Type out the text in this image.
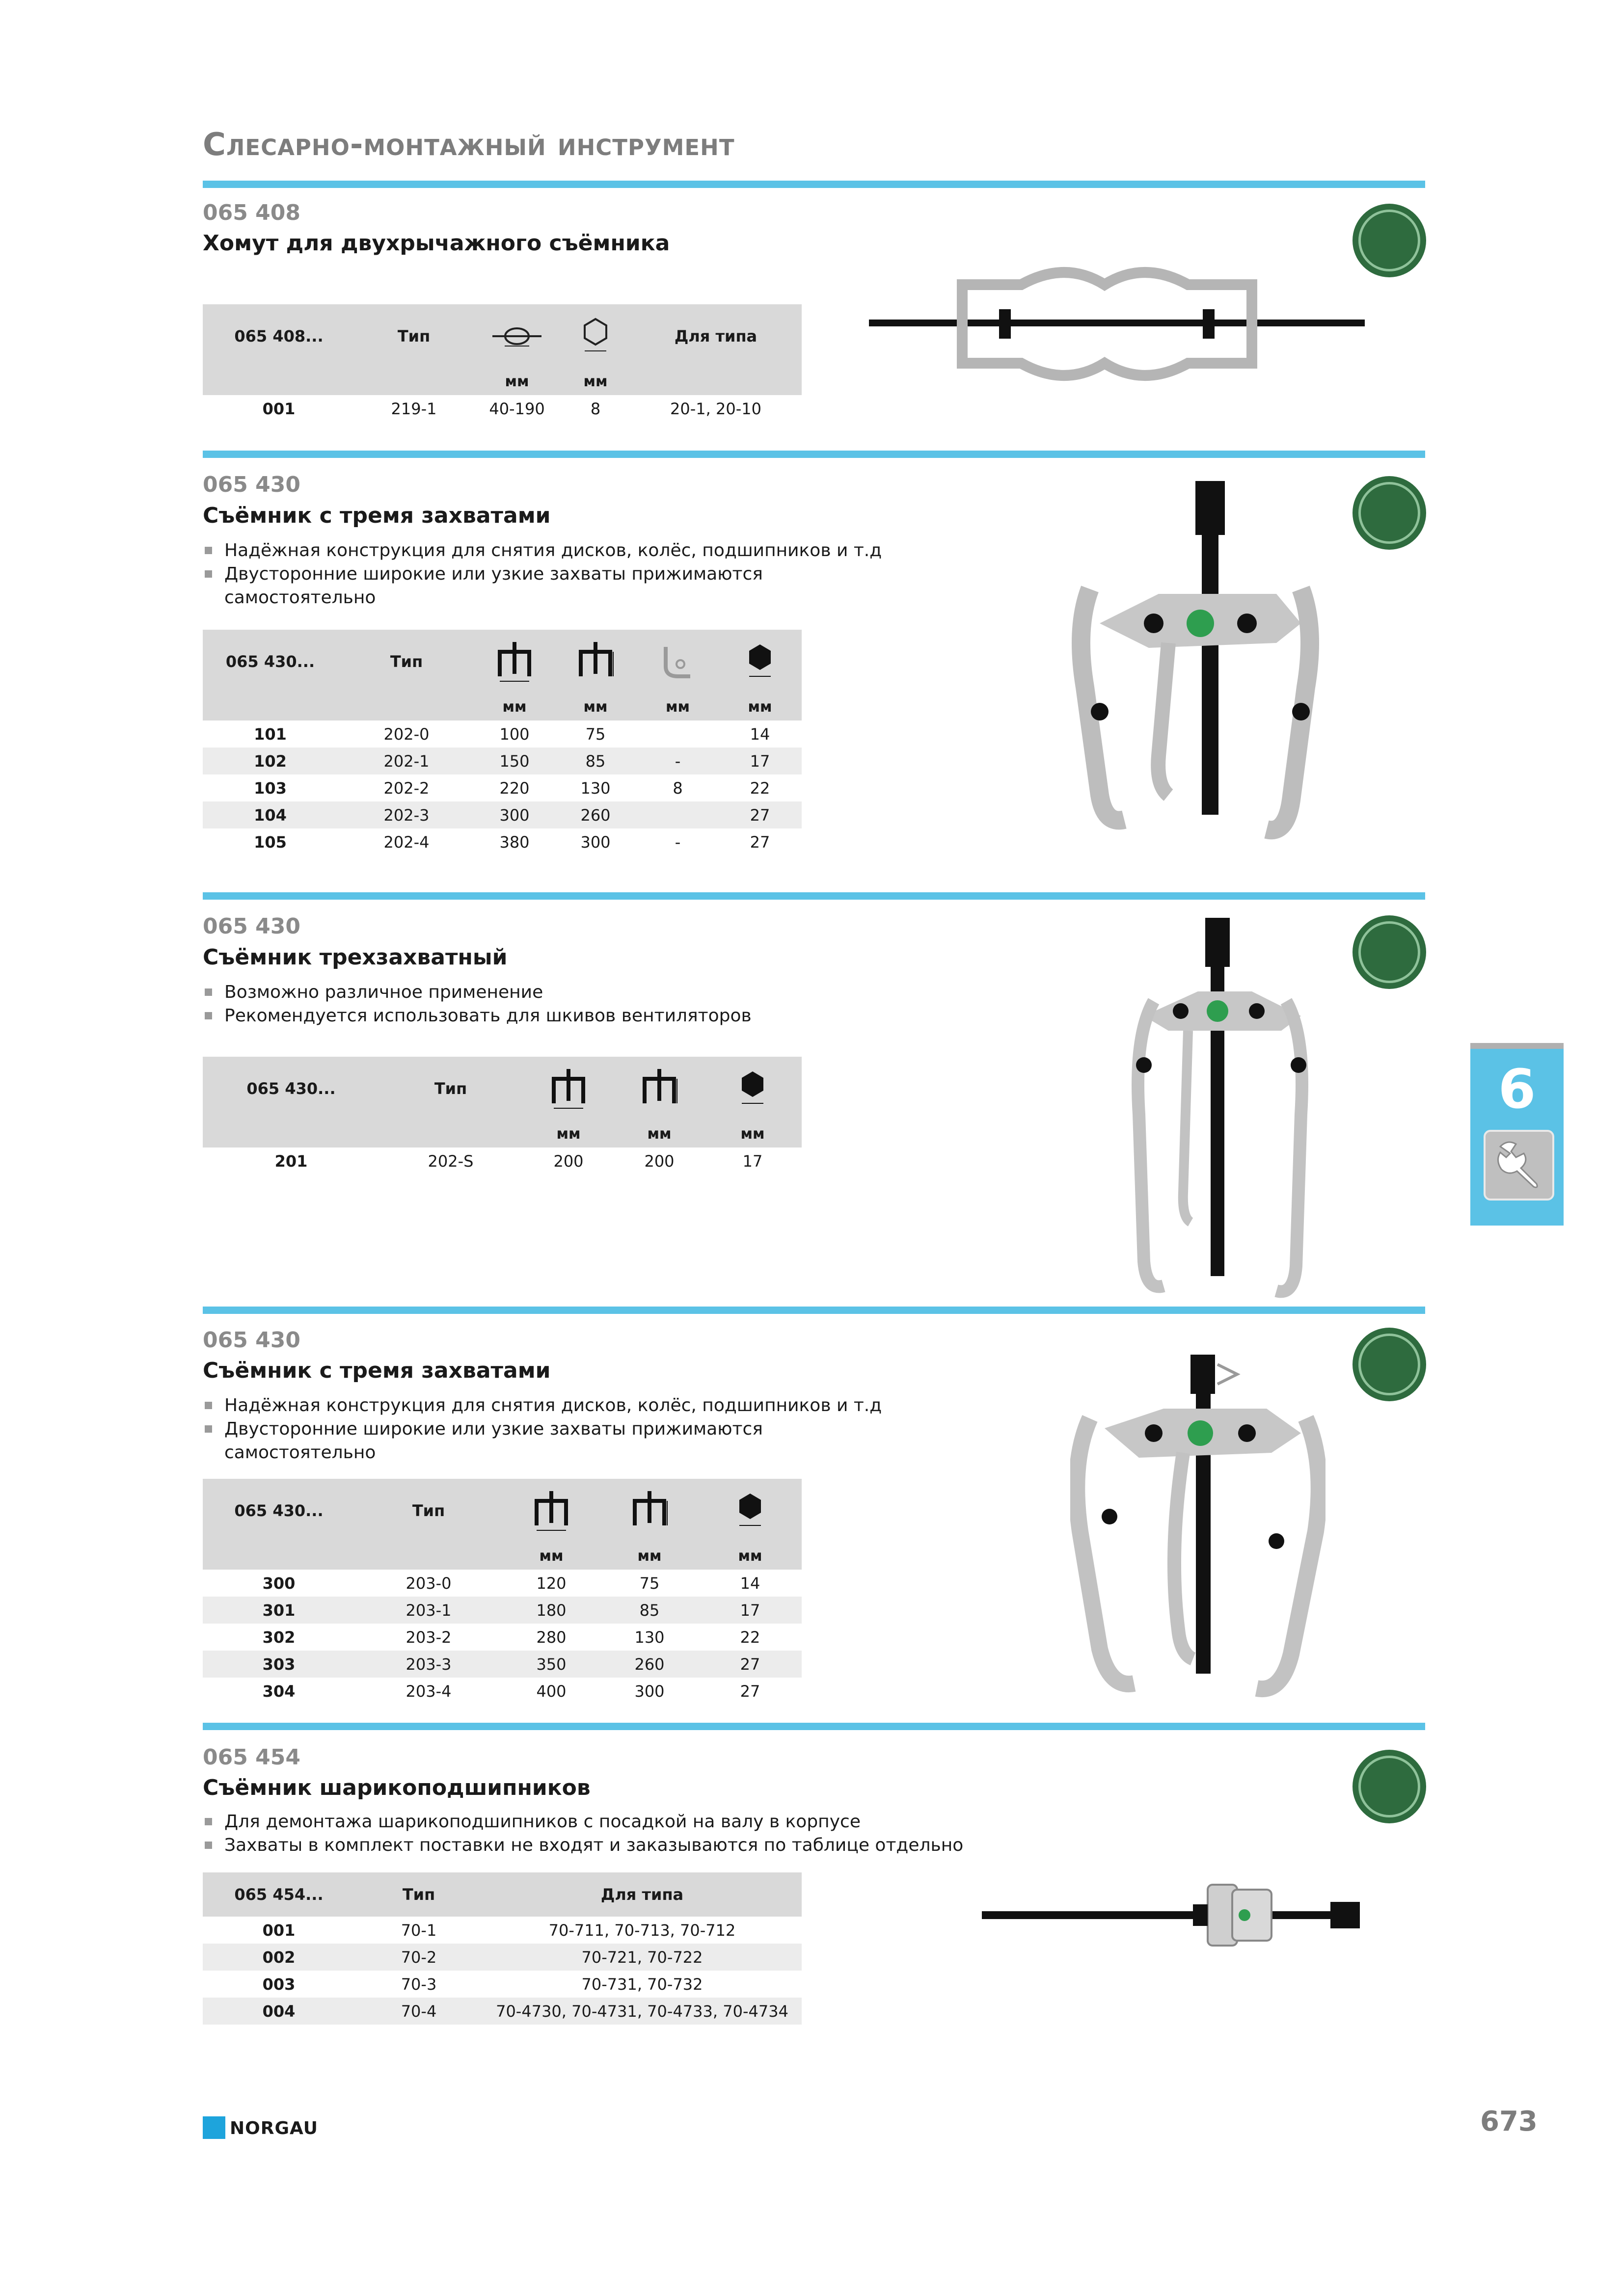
Слесарно-монтажный инструмент
065 408
Хомут для двухрычажного съёмника
065 408...	Тип			Для типа
		мм	мм	
001	219-1	40-190	8	20-1, 20-10
065 430
Съёмник с тремя захватами
Надёжная конструкция для снятия дисков, колёс, подшипников и т.д
Двусторонние широкие или узкие захваты прижимаются
самостоятельно
065 430...	Тип				
		мм	мм	мм	мм
101	202-0	100	75		14
102	202-1	150	85	-	17
103	202-2	220	130	8	22
104	202-3	300	260		27
105	202-4	380	300	-	27
065 430
Съёмник трехзахватный
Возможно различное применение
Рекомендуется использовать для шкивов вентиляторов
065 430...	Тип			
		мм	мм	мм
201	202-S	200	200	17
6
065 430
Съёмник с тремя захватами
Надёжная конструкция для снятия дисков, колёс, подшипников и т.д
Двусторонние широкие или узкие захваты прижимаются
самостоятельно
065 430...	Тип			
		мм	мм	мм
300	203-0	120	75	14
301	203-1	180	85	17
302	203-2	280	130	22
303	203-3	350	260	27
304	203-4	400	300	27
065 454
Съёмник шарикоподшипников
Для демонтажа шарикоподшипников с посадкой на валу в корпусе
Захваты в комплект поставки не входят и заказываются по таблице отдельно
065 454...	Тип	Для типа
001	70-1	70-711, 70-713, 70-712
002	70-2	70-721, 70-722
003	70-3	70-731, 70-732
004	70-4	70-4730, 70-4731, 70-4733, 70-4734
NORGAU	673
